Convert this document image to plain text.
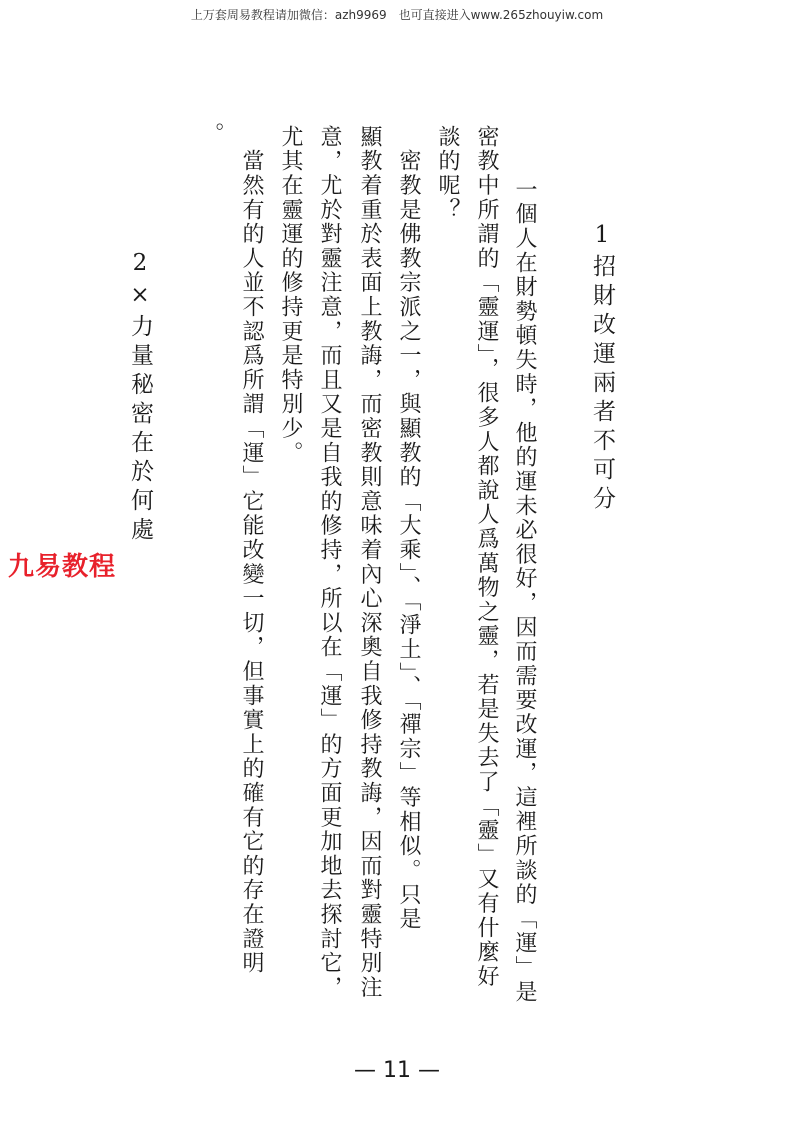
上万套周易教程请加微信：azh9969　也可直接进入www.265zhouyiw.com
1招財改運兩者不可分
一個人在財勢頓失時，他的運未必很好，因而需要改運，這裡所談的「運」是
密教中所謂的「靈運」，很多人都說人爲萬物之靈，若是失去了「靈」又有什麼好
談的呢？
　密教是佛教宗派之一，與顯教的「大乘」、「淨土」、「禪宗」等相似。只是
顯教着重於表面上教誨，而密教則意味着內心深奧自我修持教誨，因而對靈特別注
意，尤於對靈注意，而且又是自我的修持，所以在「運」的方面更加地去探討它，
尤其在靈運的修持更是特別少。
　當然有的人並不認爲所謂「運」它能改變一切，但事實上的確有它的存在證明
。
2×力量秘密在於何處
九易教程
— 11 —
